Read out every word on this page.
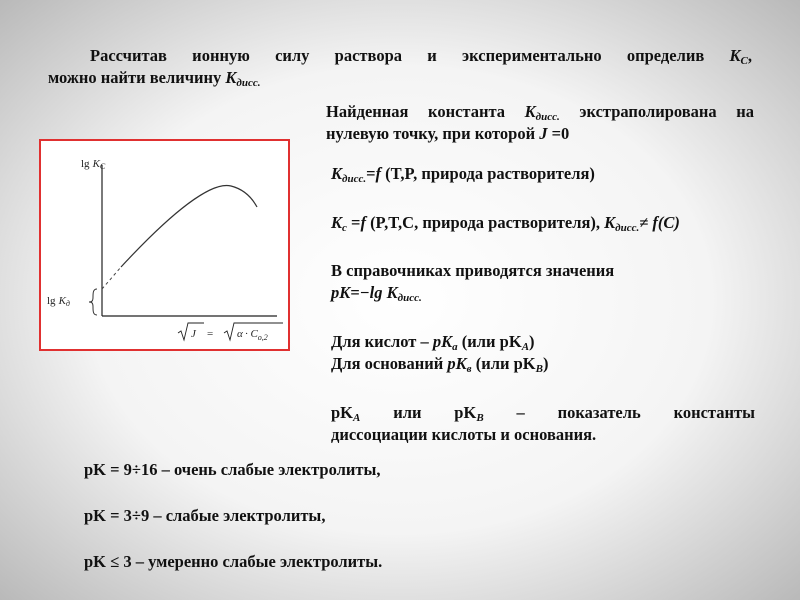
Рассчитав ионную силу раствора и экспериментально определив $K_C$,
можно найти величину $K_{дисс.}$
Найденная константа $K_{дисс.}$ экстраполирована на
нулевую точку, при которой J =0
lg KC
lg Kд
$J = \alpha \cdot C_{o,2}$
$K_{дисс.}=f$ (T,P, природа растворителя)
$K_c =f$ (P,T,C, природа растворителя), $K_{дисс.}\ne f(C)$
В справочниках приводятся значения
pK=−lg $K_{дисс.}$
Для кислот – $pK_a$ (или $pK_A$)
Для оснований $pK_в$ (или $pK_B$)
$pK_A$ или $pK_B$ – показатель константы
диссоциации кислоты и основания.
pK = 9÷16 – очень слабые электролиты,
pK = 3÷9 – слабые электролиты,
pK ≤ 3 – умеренно слабые электролиты.
